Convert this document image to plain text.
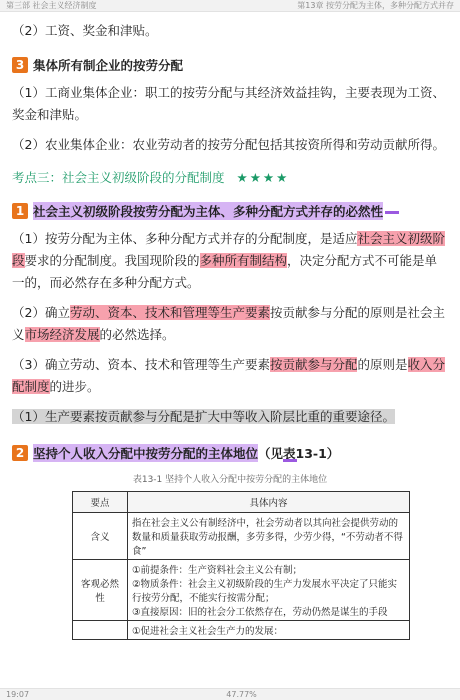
第三部 社会主义经济制度	第13章 按劳分配为主体，多种分配方式并存

（2）工资、奖金和津贴。

3 集体所有制企业的按劳分配

（1）工商业集体企业：职工的按劳分配与其经济效益挂钩，主要表现为工资、奖金和津贴。

（2）农业集体企业：农业劳动者的按劳分配包括其按资所得和劳动贡献所得。

考点三：社会主义初级阶段的分配制度 ★★★★
1 社会主义初级阶段按劳分配为主体、多种分配方式并存的必然性

（1）按劳分配为主体、多种分配方式并存的分配制度，是适应社会主义初级阶段要求的分配制度。我国现阶段的多种所有制结构，决定分配方式不可能是单一的，而必然存在多种分配方式。

（2）确立劳动、资本、技术和管理等生产要素按贡献参与分配的原则是社会主义市场经济发展的必然选择。

（3）确立劳动、资本、技术和管理等生产要素按贡献参与分配的原则是收入分配制度的进步。

（1）生产要素按贡献参与分配是扩大中等收入阶层比重的重要途径。

2 坚持个人收入分配中按劳分配的主体地位 （见表13-1）
表13-1 坚持个人收入分配中按劳分配的主体地位
要点	具体内容
含义	指在社会主义公有制经济中，社会劳动者以其向社会提供劳动的数量和质量获取劳动报酬，多劳多得，少劳少得，“不劳动者不得食”
客观必然性	①前提条件：生产资料社会主义公有制；
②物质条件：社会主义初级阶段的生产力发展水平决定了只能实行按劳分配，不能实行按需分配；
③直接原因：旧的社会分工依然存在，劳动仍然是谋生的手段

	①促进社会主义社会生产力的发展：
19:07	47.77%
